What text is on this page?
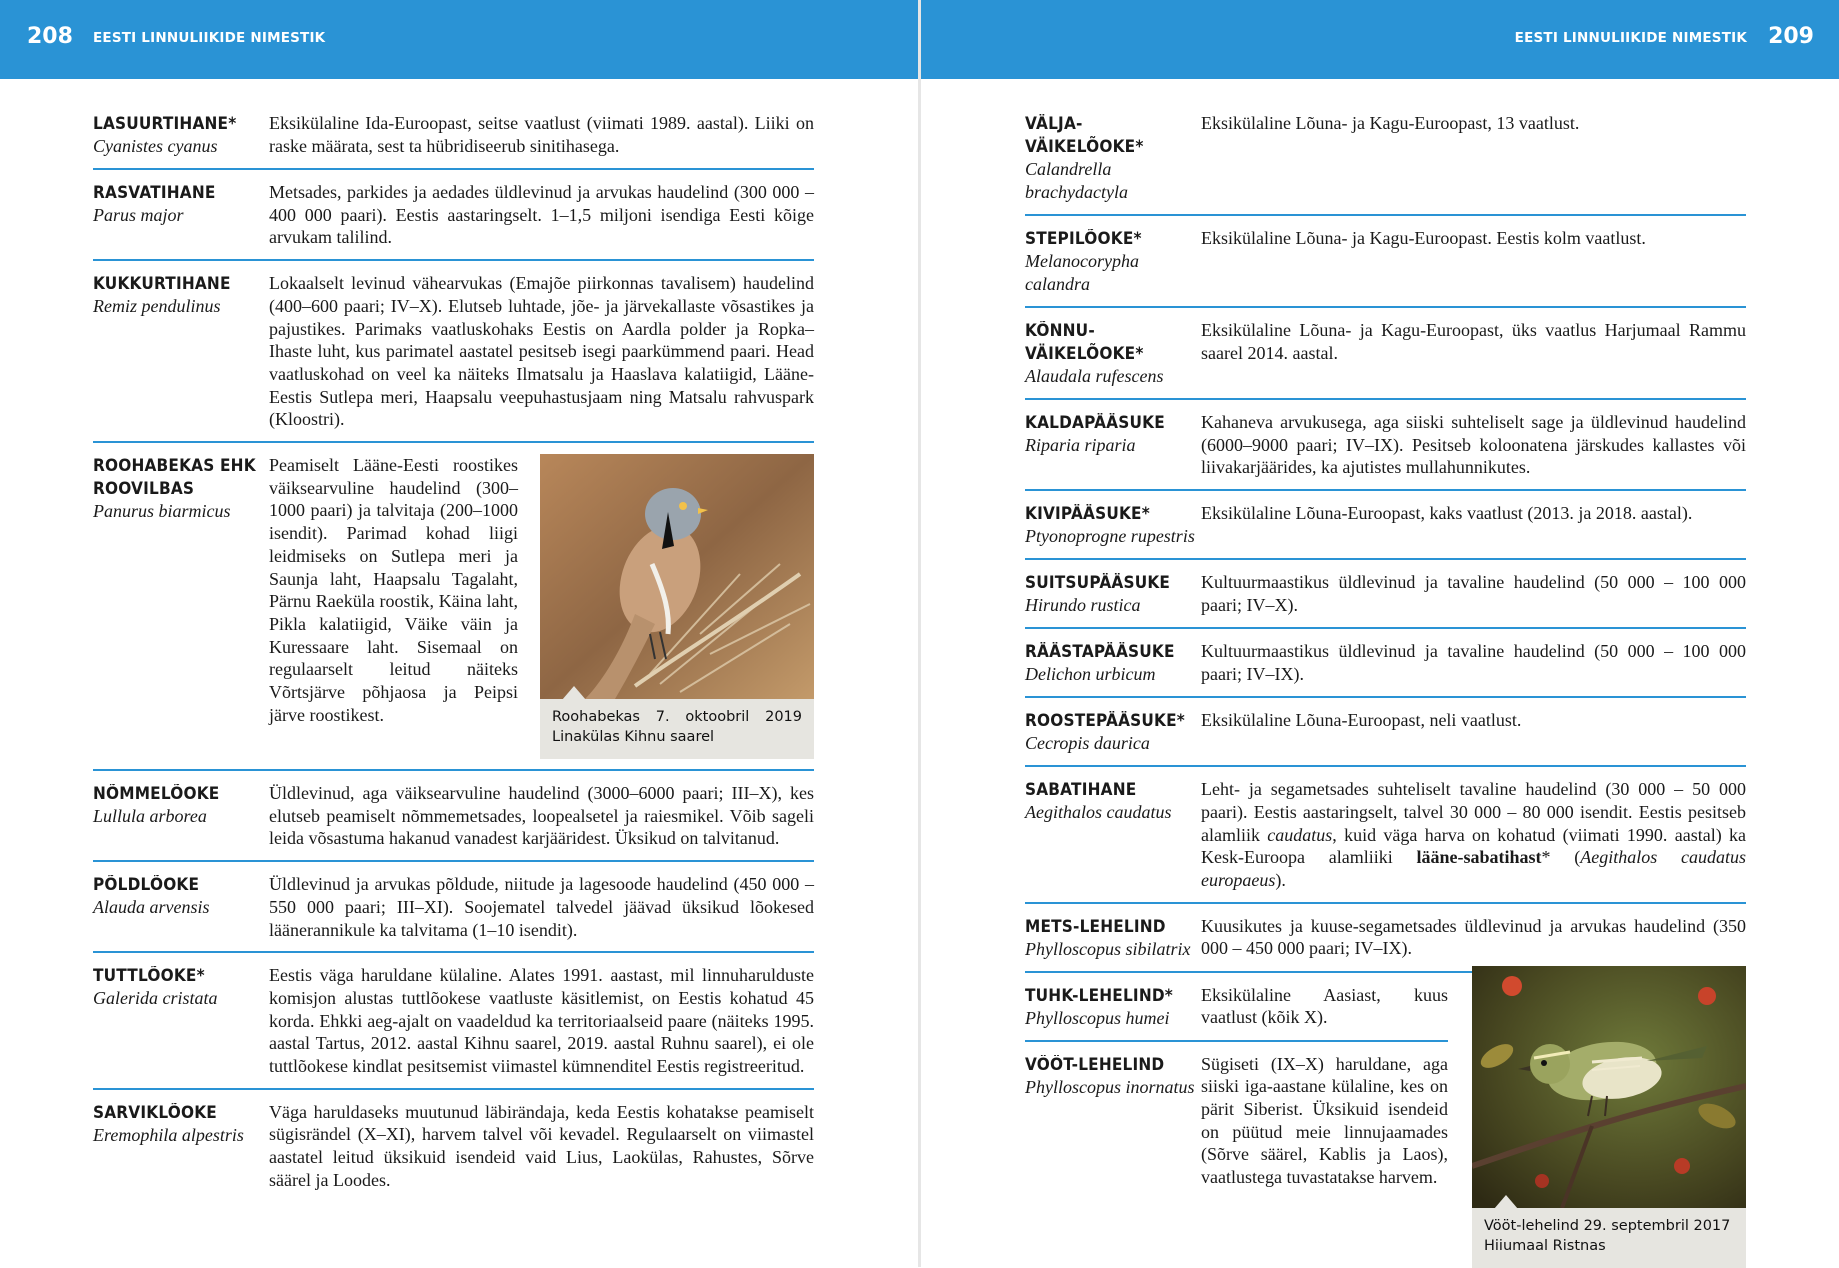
208 EESTI LINNULIIKIDE NIMESTIK	EESTI LINNULIIKIDE NIMESTIK 209
LASUURTIHANE*
Cyanistes cyanus
Eksikülaline Ida-Euroopast, seitse vaatlust (viimati 1989. aastal). Liiki on raske määrata, sest ta hübridiseerub sinitihasega.
RASVATIHANE
Parus major
Metsades, parkides ja aedades üldlevinud ja arvukas haudelind (300 000 – 400 000 paari). Eestis aastaringselt. 1–1,5 miljoni isendiga Eesti kõige arvukam talilind.
KUKKURTIHANE
Remiz pendulinus
Lokaalselt levinud vähearvukas (Emajõe piirkonnas tavalisem) haudelind (400–600 paari; IV–X). Elutseb luhtade, jõe- ja järvekallaste võsastikes ja pajustikes. Parimaks vaatluskohaks Eestis on Aardla polder ja Ropka–Ihaste luht, kus parimatel aastatel pesitseb isegi paarkümmend paari. Head vaatluskohad on veel ka näiteks Ilmatsalu ja Haaslava kalatiigid, Lääne-Eestis Sutlepa meri, Haapsalu veepuhastusjaam ning Matsalu rahvuspark (Kloostri).
ROOHABEKAS EHK
ROOVILBAS
Panurus biarmicus
Peamiselt Lääne-Eesti roostikes väiksearvuline haudelind (300–1000 paari) ja talvitaja (200–1000 isendit). Parimad kohad liigi leidmiseks on Sutlepa meri ja Saunja laht, Haapsalu Tagalaht, Pärnu Raeküla roostik, Käina laht, Pikla kalatiigid, Väike väin ja Kuressaare laht. Sisemaal on regulaarselt leitud näiteks Võrtsjärve põhjaosa ja Peipsi järve roostikest.	Roohabekas 7. oktoobril 2019 Linakülas Kihnu saarel
NÕMMELÕOKE
Lullula arborea
Üldlevinud, aga väiksearvuline haudelind (3000–6000 paari; III–X), kes elutseb peamiselt nõmmemetsades, loopealsetel ja raiesmikel. Võib sageli leida võsastuma hakanud vanadest karjääridest. Üksikud on talvitanud.
PÕLDLÕOKE
Alauda arvensis
Üldlevinud ja arvukas põldude, niitude ja lagesoode haudelind (450 000 – 550 000 paari; III–XI). Soojematel talvedel jäävad üksikud lõokesed läänerannikule ka talvitama (1–10 isendit).
TUTTLÕOKE*
Galerida cristata
Eestis väga haruldane külaline. Alates 1991. aastast, mil linnuharulduste komisjon alustas tuttlõokese vaatluste käsitlemist, on Eestis kohatud 45 korda. Ehkki aeg-ajalt on vaadeldud ka territoriaalseid paare (näiteks 1995. aastal Tartus, 2012. aastal Kihnu saarel, 2019. aastal Ruhnu saarel), ei ole tuttlõokese kindlat pesitsemist viimastel kümnenditel Eestis registreeritud.
SARVIKLÕOKE
Eremophila alpestris
Väga haruldaseks muutunud läbirändaja, keda Eestis kohatakse peamiselt sügisrändel (X–XI), harvem talvel või kevadel. Regulaarselt on viimastel aastatel leitud üksikuid isendeid vaid Lius, Laokülas, Rahustes, Sõrve säärel ja Loodes.
VÄLJA-VÄIKELÕOKE*
Calandrella brachydactyla
Eksikülaline Lõuna- ja Kagu-Euroopast, 13 vaatlust.
STEPILÕOKE*
Melanocorypha calandra
Eksikülaline Lõuna- ja Kagu-Euroopast. Eestis kolm vaatlust.
KÕNNU-
VÄIKELÕOKE*
Alaudala rufescens
Eksikülaline Lõuna- ja Kagu-Euroopast, üks vaatlus Harjumaal Rammu saarel 2014. aastal.
KALDAPÄÄSUKE
Riparia riparia
Kahaneva arvukusega, aga siiski suhteliselt sage ja üldlevinud haudelind (6000–9000 paari; IV–IX). Pesitseb koloonatena järskudes kallastes või liivakarjäärides, ka ajutistes mullahunnikutes.
KIVIPÄÄSUKE*
Ptyonoprogne rupestris
Eksikülaline Lõuna-Euroopast, kaks vaatlust (2013. ja 2018. aastal).
SUITSUPÄÄSUKE
Hirundo rustica
Kultuurmaastikus üldlevinud ja tavaline haudelind (50 000 – 100 000 paari; IV–X).
RÄÄSTAPÄÄSUKE
Delichon urbicum
Kultuurmaastikus üldlevinud ja tavaline haudelind (50 000 – 100 000 paari; IV–IX).
ROOSTEPÄÄSUKE*
Cecropis daurica
Eksikülaline Lõuna-Euroopast, neli vaatlust.
SABATIHANE
Aegithalos caudatus
Leht- ja segametsades suhteliselt tavaline haudelind (30 000 – 50 000 paari). Eestis aastaringselt, talvel 30 000 – 80 000 isendit. Eestis pesitseb alamliik caudatus, kuid väga harva on kohatud (viimati 1990. aastal) ka Kesk-Euroopa alamliiki lääne-sabatihast* (Aegithalos caudatus europaeus).
METS-LEHELIND
Phylloscopus sibilatrix
Kuusikutes ja kuuse-segametsades üldlevinud ja arvukas haudelind (350 000 – 450 000 paari; IV–IX).
TUHK-LEHELIND*
Phylloscopus humei
Eksikülaline Aasiast, kuus vaatlust (kõik X).
VÖÖT-LEHELIND
Phylloscopus inornatus
Sügiseti (IX–X) haruldane, aga siiski iga-aastane külaline, kes on pärit Siberist. Üksikuid isendeid on püütud meie linnujaamades (Sõrve säärel, Kablis ja Laos), vaatlustega tuvastatakse harvem.
Vööt-lehelind 29. septembril 2017 Hiiumaal Ristnas
